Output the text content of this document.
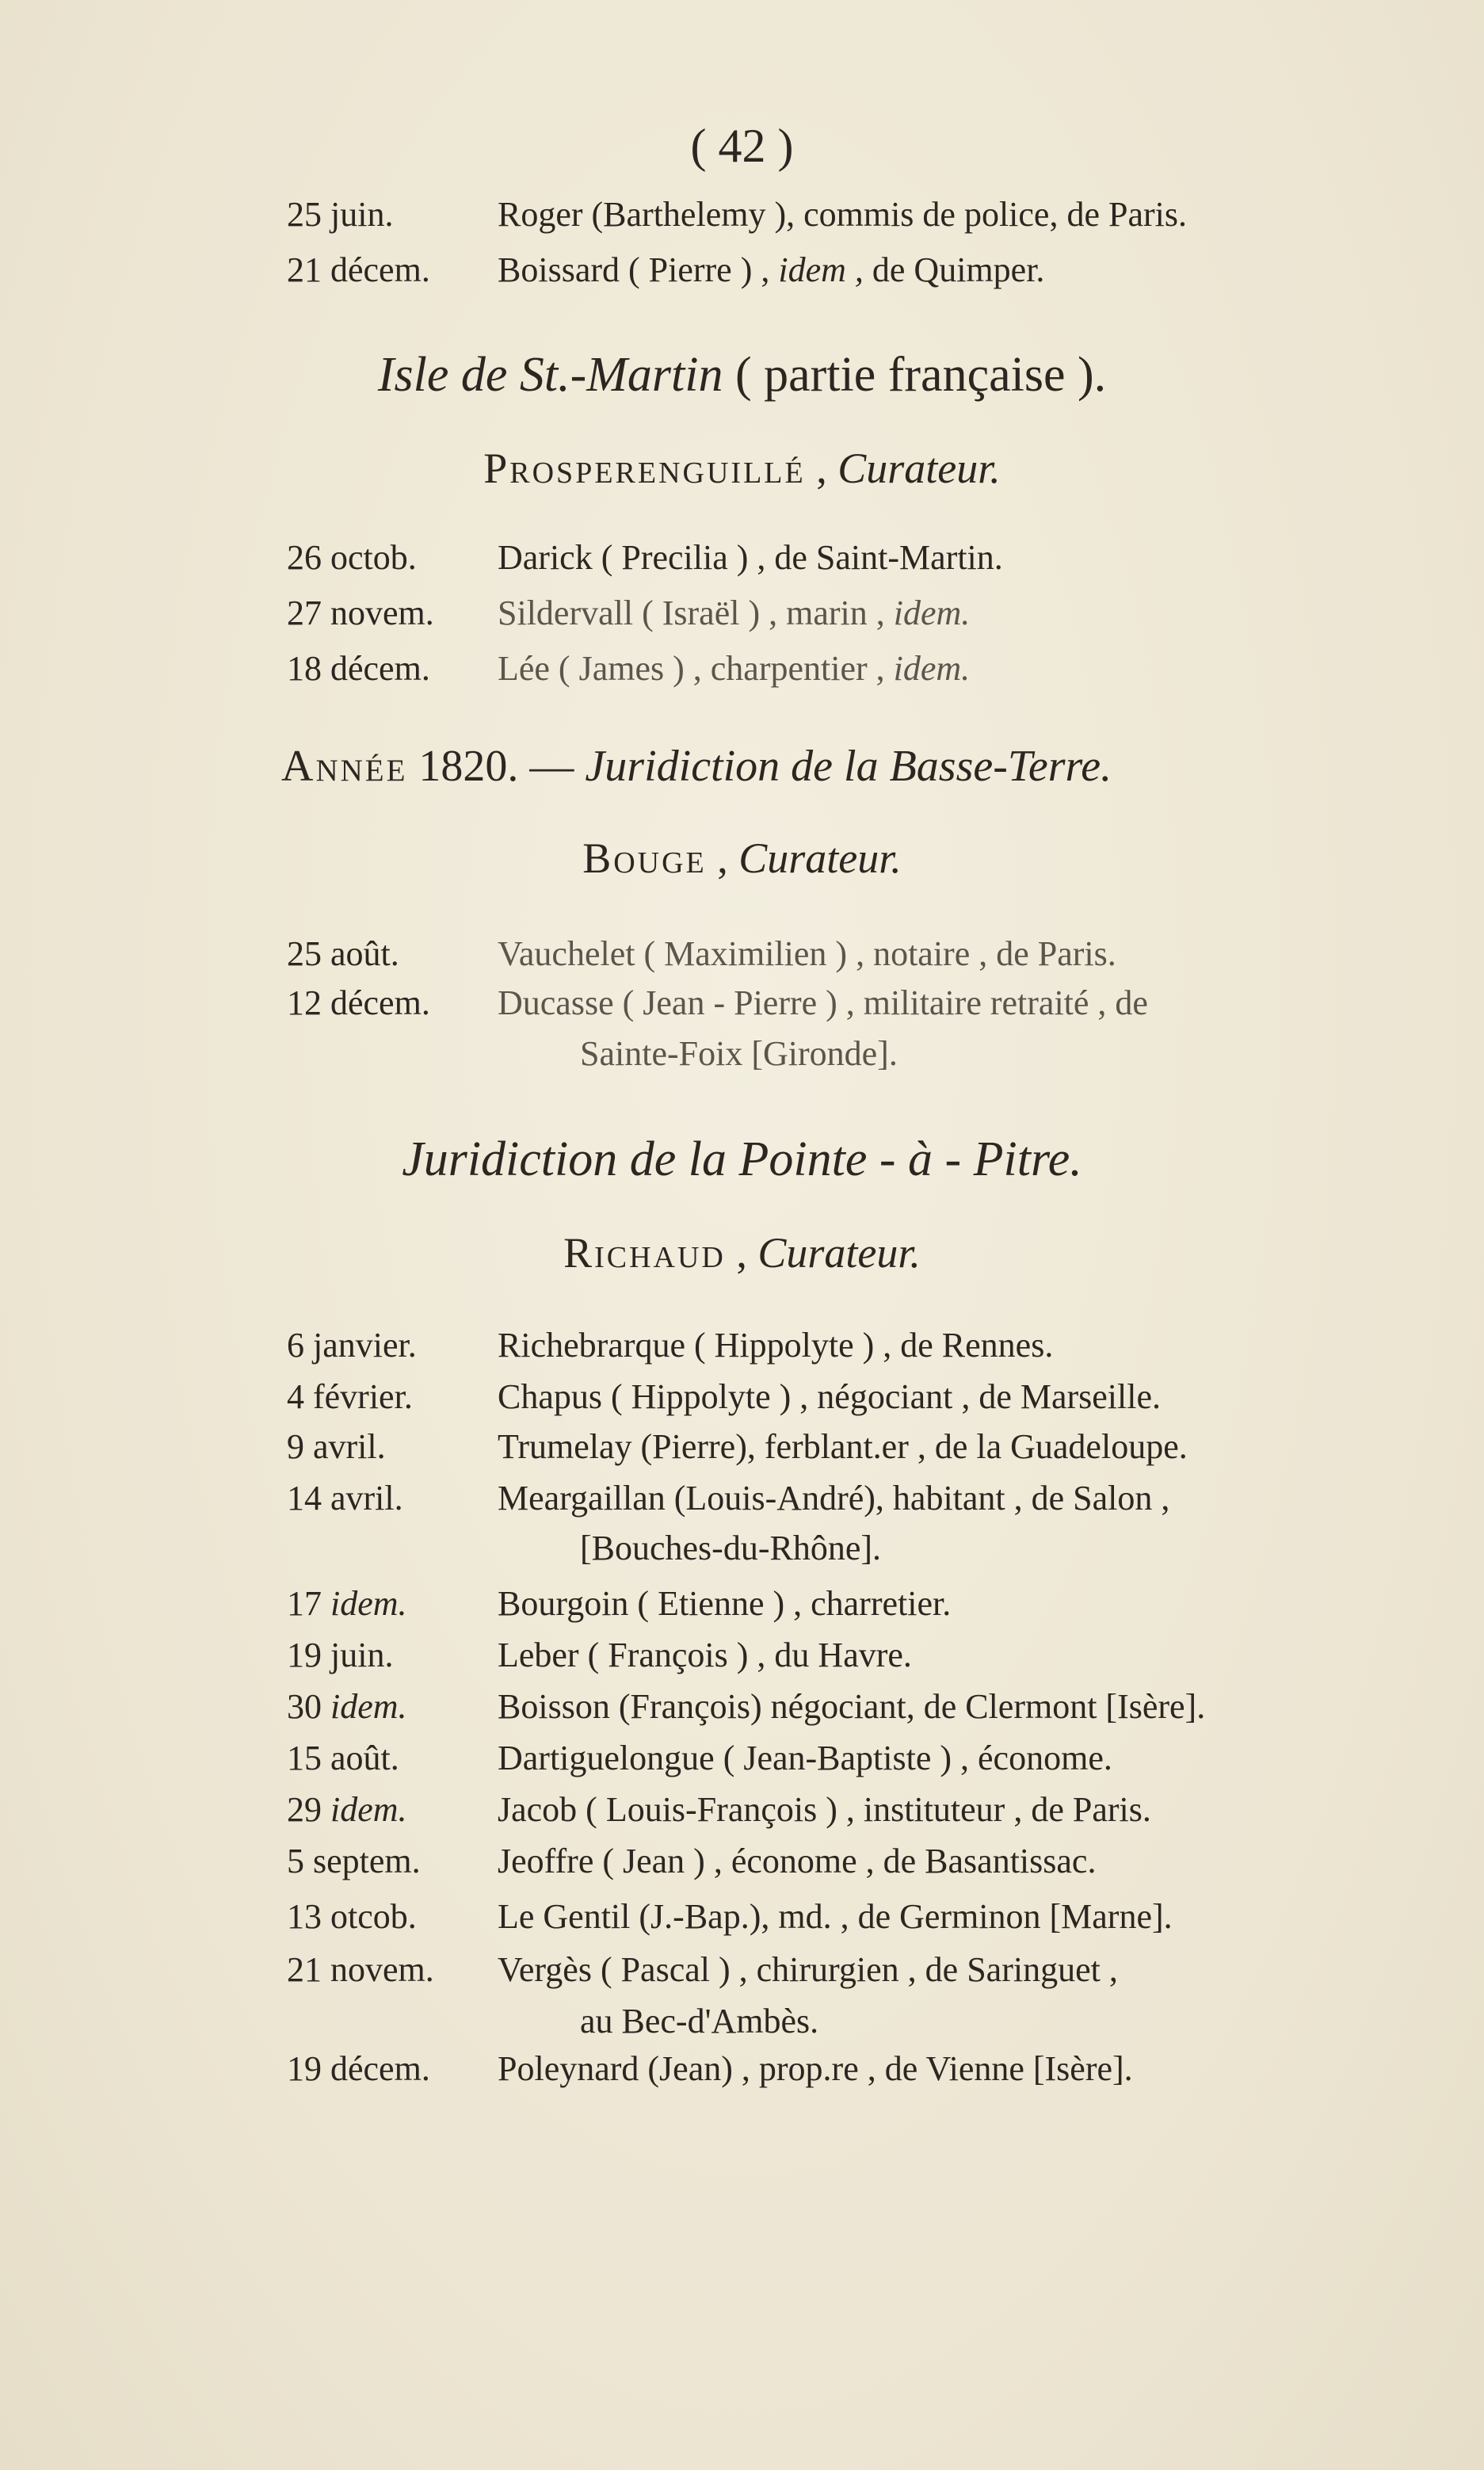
( 42 )
25 juin.	Roger (Barthelemy ), commis de police, de Paris.
21 décem. Boissard ( Pierre ) , idem , de Quimper.
Isle de St.-Martin ( partie française ).
Prosperenguillé , Curateur.
26 octob. Darick ( Precilia ) , de Saint-Martin.
27 novem. Sildervall ( Israël ) , marin , idem.
18 décem. Lée ( James ) , charpentier , idem.
Année 1820. — Juridiction de la Basse-Terre.
Bouge , Curateur.
25 août.	Vauchelet ( Maximilien ) , notaire , de Paris.
12 décem. Ducasse ( Jean - Pierre ) , militaire retraité , de
Sainte-Foix [Gironde].
Juridiction de la Pointe - à - Pitre.
Richaud , Curateur.
6 janvier. Richebrarque ( Hippolyte ) , de Rennes.
4 février. Chapus ( Hippolyte ) , négociant , de Marseille.
9 avril.	Trumelay (Pierre), ferblant.er , de la Guadeloupe.
14 avril.	Meargaillan (Louis-André), habitant , de Salon ,
[Bouches-du-Rhône].
17 idem.	Bourgoin ( Etienne ) , charretier.
19 juin.	Leber ( François ) , du Havre.
30 idem.	Boisson (François) négociant, de Clermont [Isère].
15 août.	Dartiguelongue ( Jean-Baptiste ) , économe.
29 idem.	Jacob ( Louis-François ) , instituteur , de Paris.
5 septem. Jeoffre ( Jean ) , économe , de Basantissac.
13 otcob. Le Gentil (J.-Bap.), md. , de Germinon [Marne].
21 novem. Vergès ( Pascal ) , chirurgien , de Saringuet ,
au Bec-d'Ambès.
19 décem. Poleynard (Jean) , prop.re , de Vienne [Isère].
